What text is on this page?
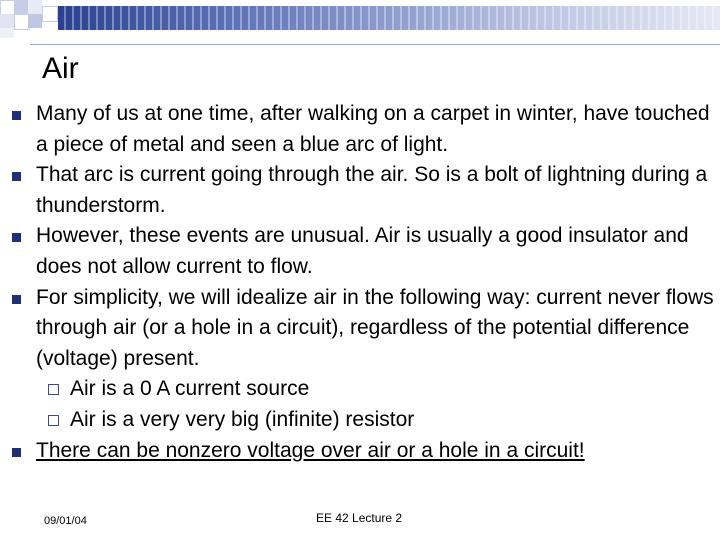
Air
Many of us at one time, after walking on a carpet in winter, have touched a piece of metal and seen a blue arc of light.
That arc is current going through the air. So is a bolt of lightning during a thunderstorm.
However, these events are unusual. Air is usually a good insulator and does not allow current to flow.
For simplicity, we will idealize air in the following way: current never flows through air (or a hole in a circuit), regardless of the potential difference (voltage) present.
Air is a 0 A current source
Air is a very very big (infinite) resistor
There can be nonzero voltage over air or a hole in a circuit!
09/01/04	EE 42 Lecture 2
